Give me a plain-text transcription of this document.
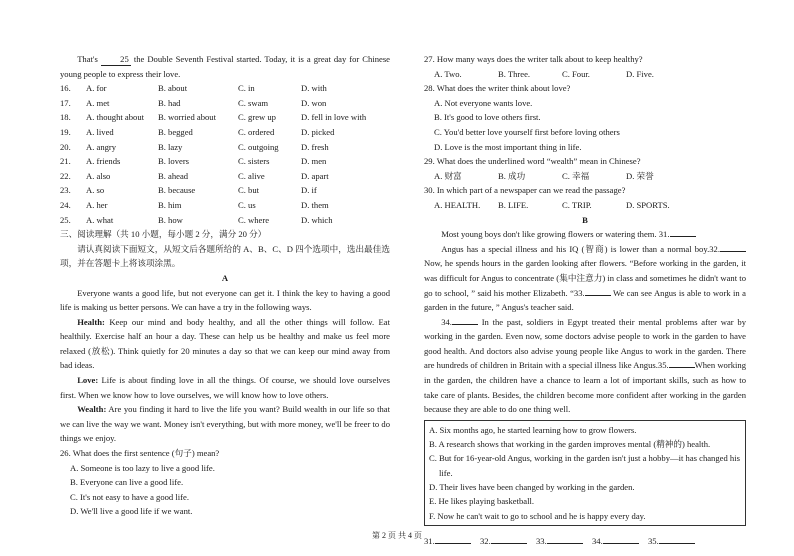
That's	25 the Double Seventh Festival started. Today, it is a great day for Chinese young people to express their love.

16.	A. for	B. about	C. in	D. with
17.	A. met	B. had	C. swam	D. won
18.	A. thought about	B. worried about	C. grew up	D. fell in love with
19.	A. lived	B. begged	C. ordered	D. picked
20.	A. angry	B. lazy	C. outgoing	D. fresh
21.	A. friends	B. lovers	C. sisters	D. men
22.	A. also	B. ahead	C. alive	D. apart
23.	A. so	B. because	C. but	D. if
24.	A. her	B. him	C. us	D. them
25.	A. what	B. how	C. where	D. which

三、阅读理解（共 10 小题，每小题 2 分，满分 20 分）

请认真阅读下面短文，从短文后各题所给的 A、B、C、D 四个选项中，选出最佳选项，并在答题卡上将该项涂黑。

A

Everyone wants a good life, but not everyone can get it. I think the key to having a good life is making us better persons. We can have a try in the following ways.

Health: Keep our mind and body healthy, and all the other things will follow. Eat healthily. Exercise half an hour a day. These can help us be healthy and make us feel more relaxed (放松). Think quietly for 20 minutes a day so that we can keep our mind away from bad ideas.

Love: Life is about finding love in all the things. Of course, we should love ourselves first. When we know how to love ourselves, we will know how to love others.

Wealth: Are you finding it hard to live the life you want? Build wealth in our life so that we can live the way we want. Money isn't everything, but with more money, we'll be freer to do things we enjoy.

26. What does the first sentence (句子) mean?

A. Someone is too lazy to live a good life.

B. Everyone can live a good life.

C. It's not easy to have a good life.

D. We'll live a good life if we want.

27. How many ways does the writer talk about to keep healthy?

A. Two.	B. Three.	C. Four.	D. Five.

28. What does the writer think about love?

A. Not everyone wants love.

B. It's good to love others first.

C. You'd better love yourself first before loving others

D. Love is the most important thing in life.

29. What does the underlined word “wealth” mean in Chinese?

A. 财富	B. 成功	C. 幸福	D. 荣誉

30. In which part of a newspaper can we read the passage?

A. HEALTH.	B. LIFE.	C. TRIP.	D. SPORTS.

B

Most young boys don't like growing flowers or watering them. 31.

Angus has a special illness and his IQ (智商) is lower than a normal boy.32.Now, he spends hours in the garden looking after flowers. “Before working in the garden, it was difficult for Angus to concentrate (集中注意力) in class and sometimes he didn't want to go to school, ” said his mother Elizabeth. “33.	We can see Angus is able to work in a garden in the future, ” Angus's teacher said.

34.	In the past, soldiers in Egypt treated their mental problems after war by working in the garden. Even now, some doctors advise people to work in the garden to have good health. And doctors also advise young people like Angus to work in the garden. There are hundreds of children in Britain with a special illness like Angus.35.	When working in the garden, the children have a chance to learn a lot of important skills, such as how to take care of plants. Besides, the children become more confident after working in the garden because they are able to do one thing well.

A. Six months ago, he started learning how to grow flowers.

B. A research shows that working in the garden improves mental (精神的) health.

C. But for 16-year-old Angus, working in the garden isn't just a hobby—it has changed his life.

D. Their lives have been changed by working in the garden.

E. He likes playing basketball.

F. Now he can't wait to go to school and he is happy every day.

31.	32.	33.	34.	35.
第 2 页 共 4 页
